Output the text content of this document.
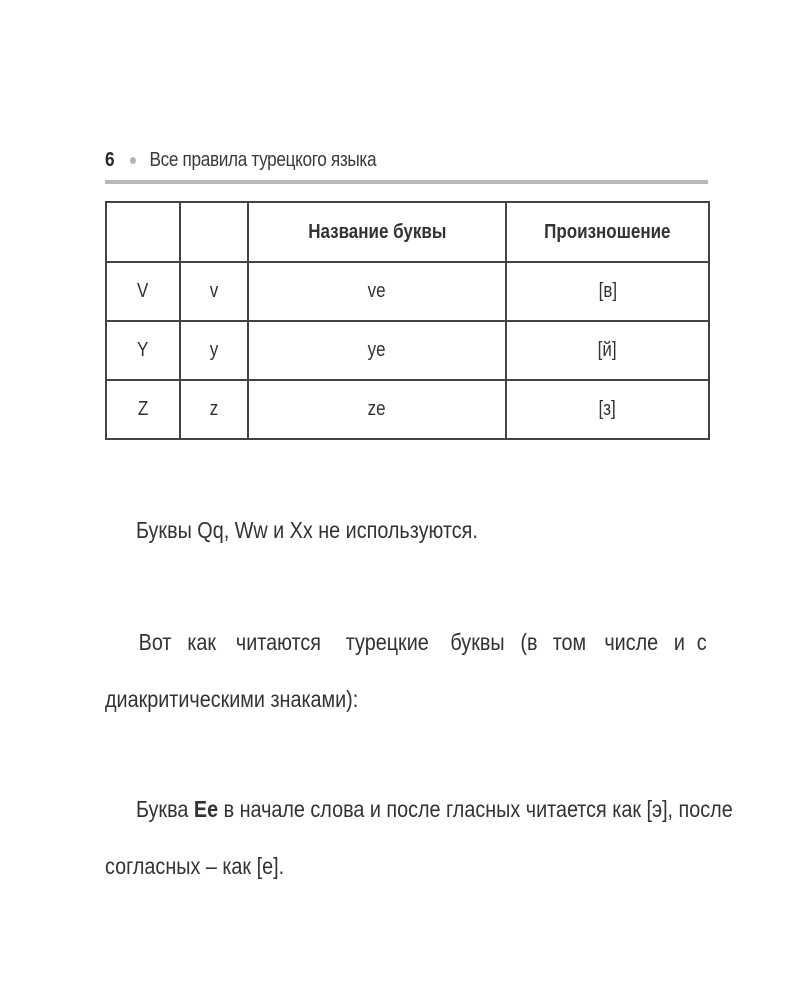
6 Все правила турецкого языка
		Название буквы	Произношение
V	v	ve	[в]
Y	y	ye	[й]
Z	z	ze	[з]

Буквы Qq, Ww и Xx не используются.

Вот как читаются турецкие буквы (в том числе и с
диакритическими знаками):
Буква Ee в начале слова и после гласных читается как [э], после
согласных – как [е].
